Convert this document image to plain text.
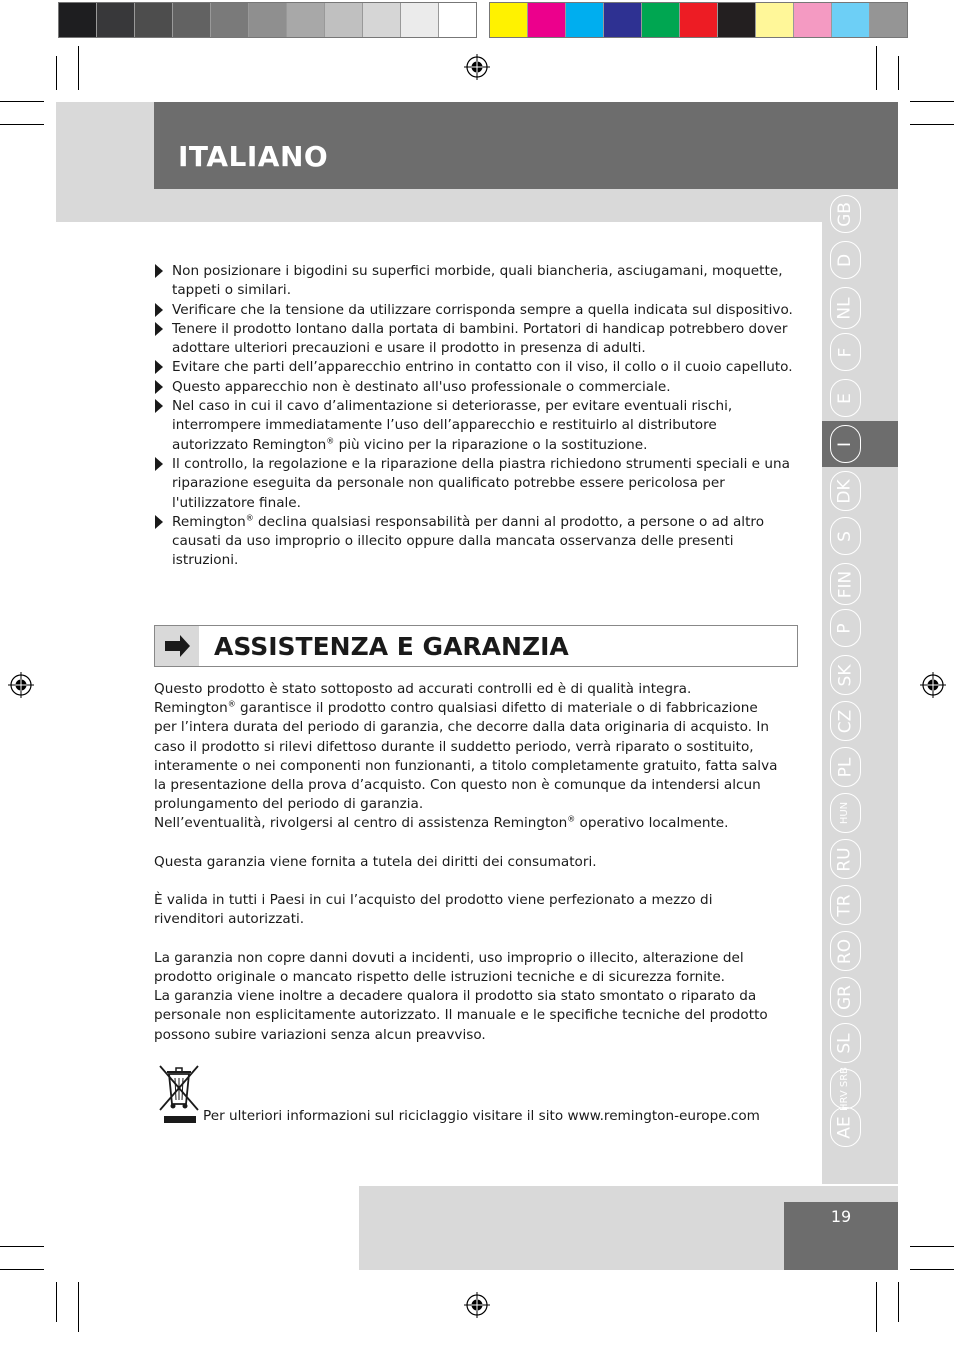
ITALIANO
GB
D
NL
F
E
I
DK
S
FIN
P
SK
CZ
PL
HUN
RU
TR
RO
GR
SL
HRV SRB
AE
Non posizionare i bigodini su superfici morbide, quali biancheria, asciugamani, moquette, tappeti o similari.
Verificare che la tensione da utilizzare corrisponda sempre a quella indicata sul dispositivo.
Tenere il prodotto lontano dalla portata di bambini. Portatori di handicap potrebbero dover adottare ulteriori precauzioni e usare il prodotto in presenza di adulti.
Evitare che parti dell’apparecchio entrino in contatto con il viso, il collo o il cuoio capelluto.
Questo apparecchio non è destinato all'uso professionale o commerciale.
Nel caso in cui il cavo d’alimentazione si deteriorasse, per evitare eventuali rischi, interrompere immediatamente l’uso dell’apparecchio e restituirlo al distributore autorizzato Remington® più vicino per la riparazione o la sostituzione.
Il controllo, la regolazione e la riparazione della piastra richiedono strumenti speciali e una riparazione eseguita da personale non qualificato potrebbe essere pericolosa per l'utilizzatore finale.
Remington® declina qualsiasi responsabilità per danni al prodotto, a persone o ad altro causati da uso improprio o illecito oppure dalla mancata osservanza delle presenti istruzioni.
ASSISTENZA E GARANZIA

Questo prodotto è stato sottoposto ad accurati controlli ed è di qualità integra.

Remington® garantisce il prodotto contro qualsiasi difetto di materiale o di fabbricazione per l’intera durata del periodo di garanzia, che decorre dalla data originaria di acquisto. In caso il prodotto si rilevi difettoso durante il suddetto periodo, verrà riparato o sostituito, interamente o nei componenti non funzionanti, a titolo completamente gratuito, fatta salva la presentazione della prova d’acquisto. Con questo non è comunque da intendersi alcun prolungamento del periodo di garanzia.

Nell’eventualità, rivolgersi al centro di assistenza Remington® operativo localmente.

Questa garanzia viene fornita a tutela dei diritti dei consumatori.

È valida in tutti i Paesi in cui l’acquisto del prodotto viene perfezionato a mezzo di rivenditori autorizzati.

La garanzia non copre danni dovuti a incidenti, uso improprio o illecito, alterazione del prodotto originale o mancato rispetto delle istruzioni tecniche e di sicurezza fornite.

La garanzia viene inoltre a decadere qualora il prodotto sia stato smontato o riparato da personale non esplicitamente autorizzato. Il manuale e le specifiche tecniche del prodotto possono subire variazioni senza alcun preavviso.

Per ulteriori informazioni sul riciclaggio visitare il sito www.remington-europe.com
19
